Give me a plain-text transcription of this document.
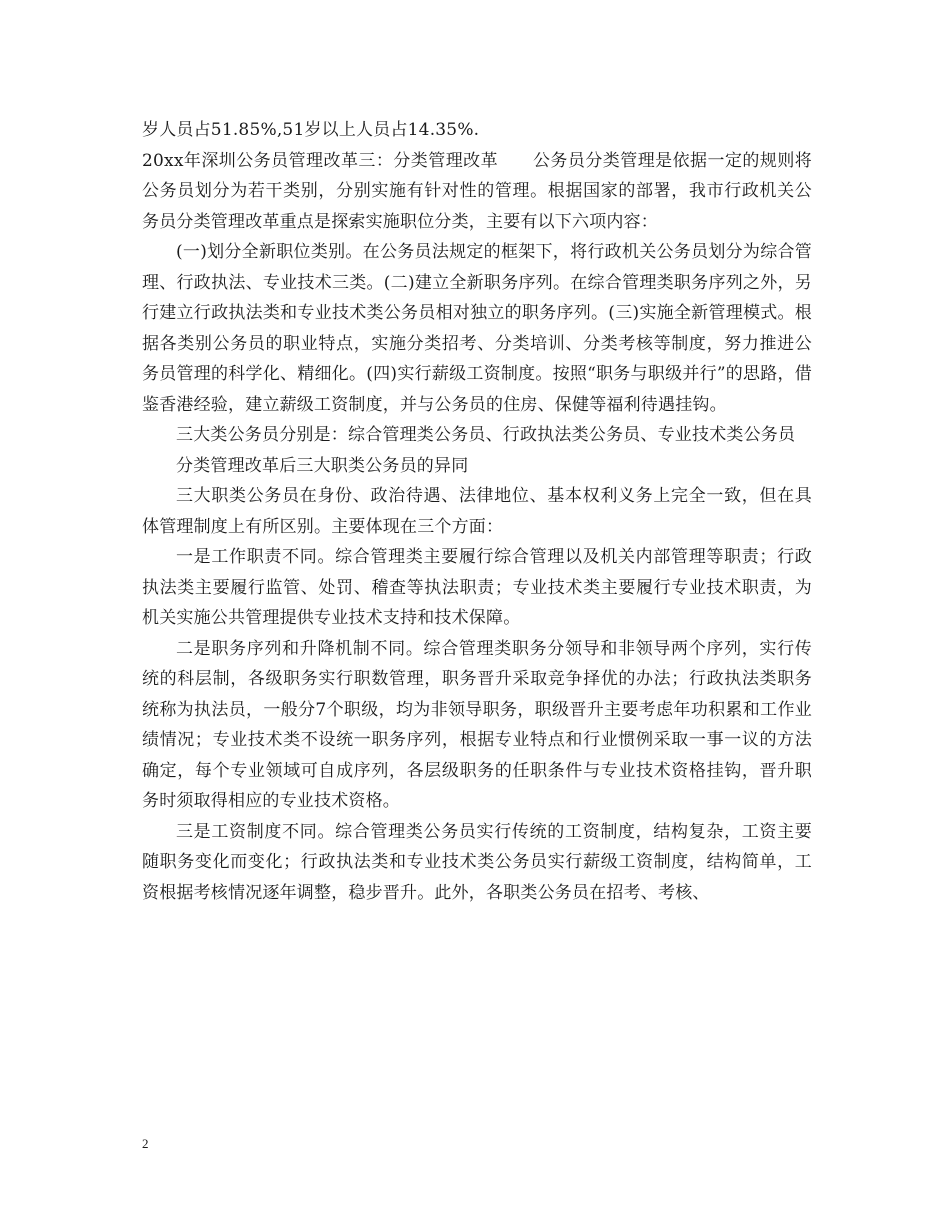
岁人员占51.85%,51岁以上人员占14.35%.

20xx年深圳公务员管理改革三：分类管理改革　　公务员分类管理是依据一定的规则将公务员划分为若干类别，分别实施有针对性的管理。根据国家的部署，我市行政机关公务员分类管理改革重点是探索实施职位分类，主要有以下六项内容：

(一)划分全新职位类别。在公务员法规定的框架下，将行政机关公务员划分为综合管理、行政执法、专业技术三类。(二)建立全新职务序列。在综合管理类职务序列之外，另行建立行政执法类和专业技术类公务员相对独立的职务序列。(三)实施全新管理模式。根据各类别公务员的职业特点，实施分类招考、分类培训、分类考核等制度，努力推进公务员管理的科学化、精细化。(四)实行薪级工资制度。按照“职务与职级并行”的思路，借鉴香港经验，建立薪级工资制度，并与公务员的住房、保健等福利待遇挂钩。

三大类公务员分别是：综合管理类公务员、行政执法类公务员、专业技术类公务员

分类管理改革后三大职类公务员的异同

三大职类公务员在身份、政治待遇、法律地位、基本权利义务上完全一致，但在具体管理制度上有所区别。主要体现在三个方面：

一是工作职责不同。综合管理类主要履行综合管理以及机关内部管理等职责；行政执法类主要履行监管、处罚、稽查等执法职责；专业技术类主要履行专业技术职责，为机关实施公共管理提供专业技术支持和技术保障。

二是职务序列和升降机制不同。综合管理类职务分领导和非领导两个序列，实行传统的科层制，各级职务实行职数管理，职务晋升采取竞争择优的办法；行政执法类职务统称为执法员，一般分7个职级，均为非领导职务，职级晋升主要考虑年功积累和工作业绩情况；专业技术类不设统一职务序列，根据专业特点和行业惯例采取一事一议的方法确定，每个专业领域可自成序列，各层级职务的任职条件与专业技术资格挂钩，晋升职务时须取得相应的专业技术资格。

三是工资制度不同。综合管理类公务员实行传统的工资制度，结构复杂，工资主要随职务变化而变化；行政执法类和专业技术类公务员实行薪级工资制度，结构简单，工资根据考核情况逐年调整，稳步晋升。此外，各职类公务员在招考、考核、

2
